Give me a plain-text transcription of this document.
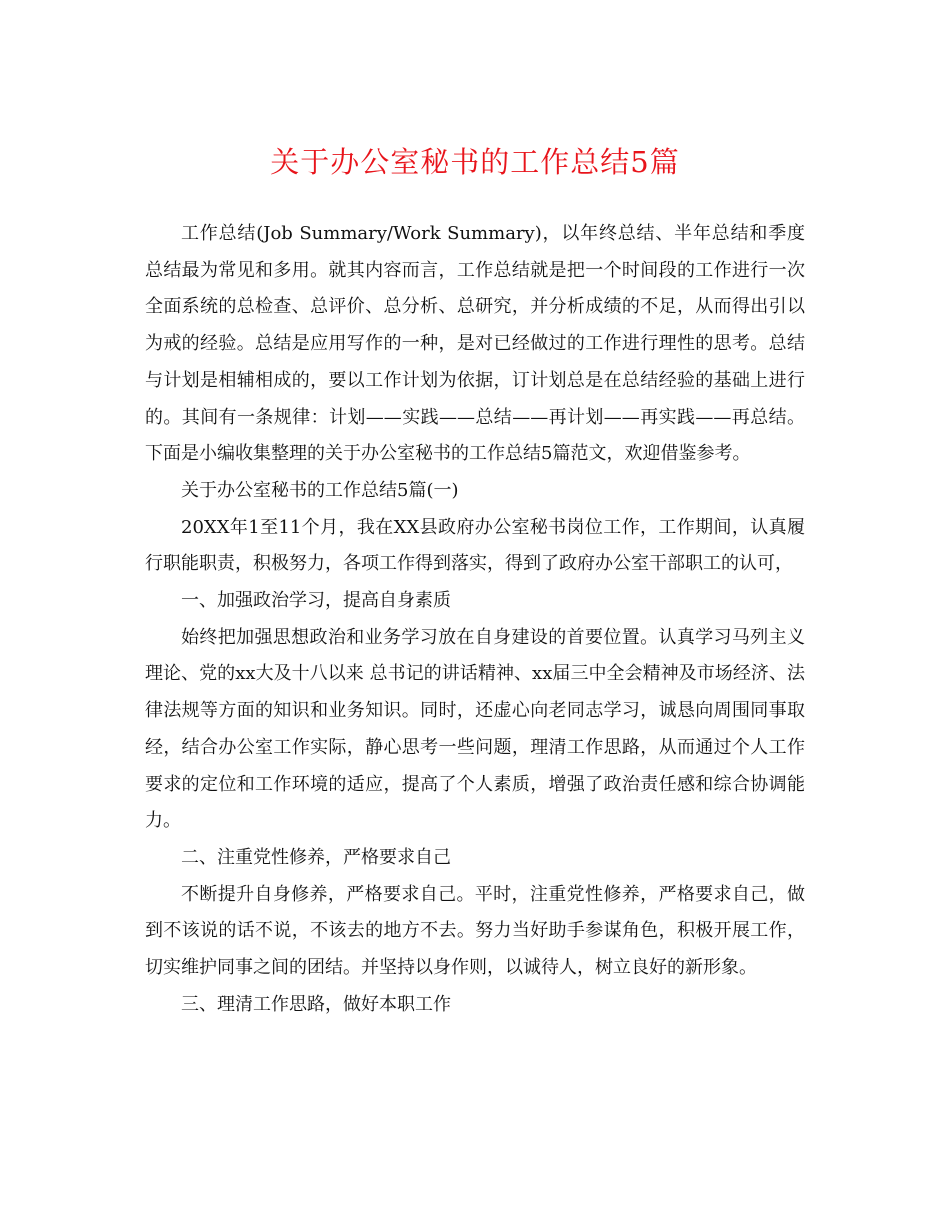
关于办公室秘书的工作总结5篇

工作总结(Job Summary/Work Summary)，以年终总结、半年总结和季度总结最为常见和多用。就其内容而言，工作总结就是把一个时间段的工作进行一次全面系统的总检查、总评价、总分析、总研究，并分析成绩的不足，从而得出引以为戒的经验。总结是应用写作的一种，是对已经做过的工作进行理性的思考。总结与计划是相辅相成的，要以工作计划为依据，订计划总是在总结经验的基础上进行的。其间有一条规律：计划——实践——总结——再计划——再实践——再总结。下面是小编收集整理的关于办公室秘书的工作总结5篇范文，欢迎借鉴参考。

关于办公室秘书的工作总结5篇(一)

20XX年1至11个月，我在XX县政府办公室秘书岗位工作，工作期间，认真履行职能职责，积极努力，各项工作得到落实，得到了政府办公室干部职工的认可，

一、加强政治学习，提高自身素质

始终把加强思想政治和业务学习放在自身建设的首要位置。认真学习马列主义理论、党的xx大及十八以来 总书记的讲话精神、xx届三中全会精神及市场经济、法律法规等方面的知识和业务知识。同时，还虚心向老同志学习，诚恳向周围同事取经，结合办公室工作实际，静心思考一些问题，理清工作思路，从而通过个人工作要求的定位和工作环境的适应，提高了个人素质，增强了政治责任感和综合协调能力。

二、注重党性修养，严格要求自己

不断提升自身修养，严格要求自己。平时，注重党性修养，严格要求自己，做到不该说的话不说，不该去的地方不去。努力当好助手参谋角色，积极开展工作，切实维护同事之间的团结。并坚持以身作则，以诚待人，树立良好的新形象。

三、理清工作思路，做好本职工作
